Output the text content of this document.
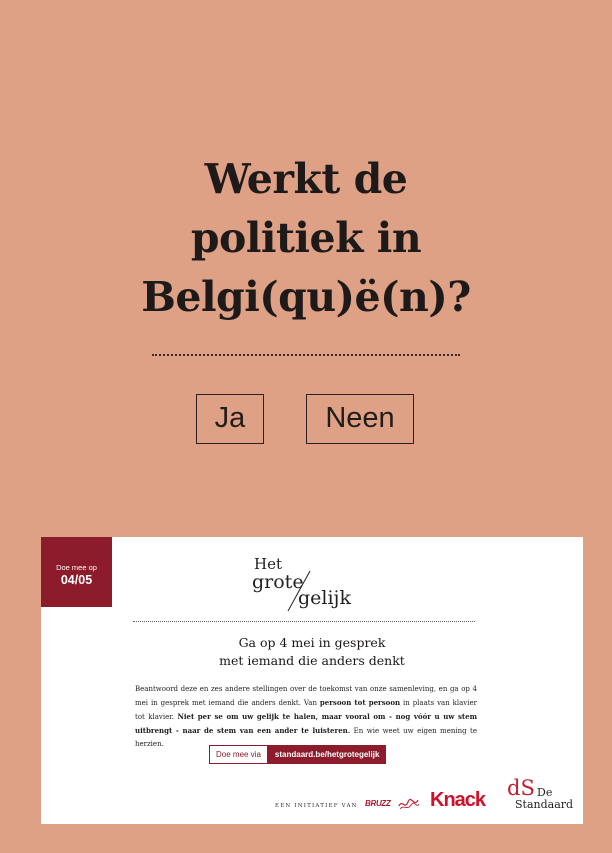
Werkt de
politiek in
Belgi(qu)ë(n)?
Ja	Neen
Doe mee op
04/05
Het
grote
gelijk
Ga op 4 mei in gesprek
met iemand die anders denkt

Beantwoord deze en zes andere stellingen over de toekomst van onze samenleving, en ga op 4 mei in gesprek met iemand die anders denkt. Van persoon tot persoon in plaats van klavier tot klavier. Niet per se om uw gelijk te halen, maar vooral om - nog vóór u uw stem uitbrengt - naar de stem van een ander te luisteren. En wie weet uw eigen mening te herzien.

Doe mee via	standaard.be/hetgrotegelijk
EEN INITIATIEF VAN BRUZZ Knack dS De
Standaard
